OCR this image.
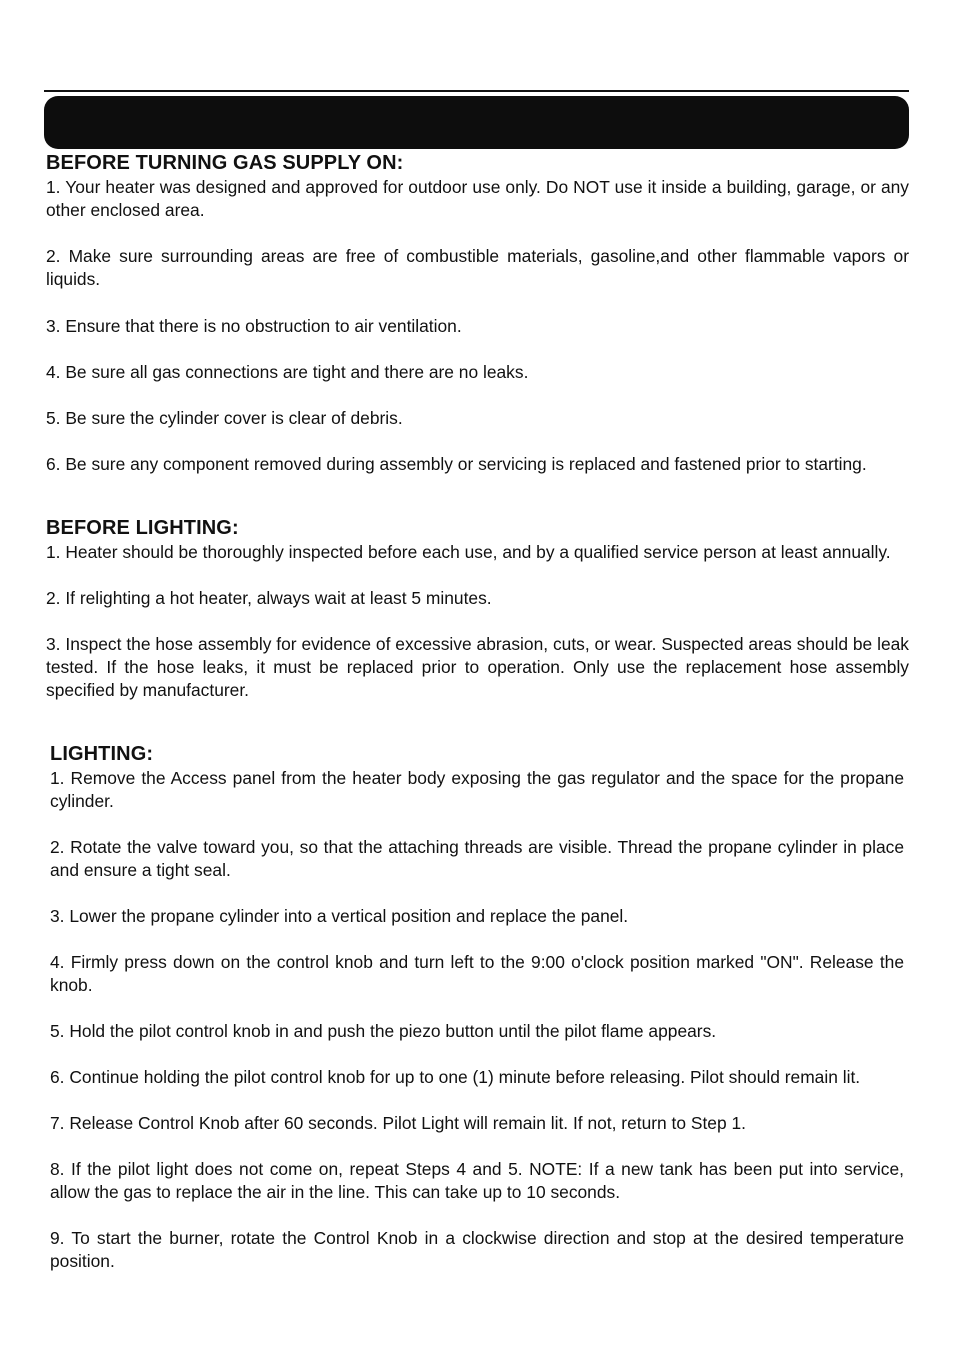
BEFORE TURNING GAS SUPPLY ON:

1. Your heater was designed and approved for outdoor use only. Do NOT use it inside a building, garage, or any other enclosed area.

2. Make sure surrounding areas are free of combustible materials, gasoline,and other flammable vapors or liquids.

3. Ensure that there is no obstruction to air ventilation.

4. Be sure all gas connections are tight and there are no leaks.

5. Be sure the cylinder cover is clear of debris.

6. Be sure any component removed during assembly or servicing is replaced and fastened prior to starting.

BEFORE LIGHTING:

1. Heater should be thoroughly inspected before each use, and by a qualified service person at least annually.

2. If relighting a hot heater, always wait at least 5 minutes.

3. Inspect the hose assembly for evidence of excessive abrasion, cuts, or wear. Suspected areas should be leak tested. If the hose leaks, it must be replaced prior to operation. Only use the replacement hose assembly specified by manufacturer.

LIGHTING:

1. Remove the Access panel from the heater body exposing the gas regulator and the space for the propane cylinder.

2. Rotate the valve toward you, so that the attaching threads are visible. Thread the propane cylinder in place and ensure a tight seal.

3. Lower the propane cylinder into a vertical position and replace the panel.

4. Firmly press down on the control knob and turn left to the 9:00 o'clock position marked "ON". Release the knob.

5. Hold the pilot control knob in and push the piezo button until the pilot flame appears.

6. Continue holding the pilot control knob for up to one (1) minute before releasing. Pilot should remain lit.

7. Release Control Knob after 60 seconds. Pilot Light will remain lit. If not, return to Step 1.

8. If the pilot light does not come on, repeat Steps 4 and 5. NOTE: If a new tank has been put into service, allow the gas to replace the air in the line. This can take up to 10 seconds.

9. To start the burner, rotate the Control Knob in a clockwise direction and stop at the desired temperature position.
